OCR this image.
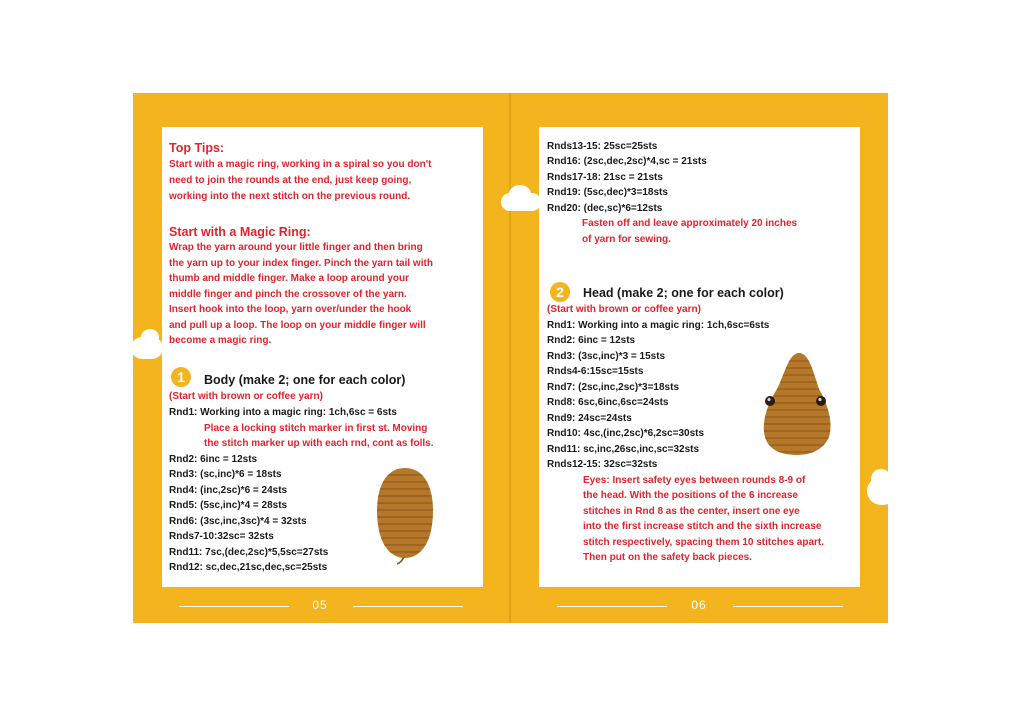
Top Tips:
Start with a magic ring, working in a spiral so you don't
need to join the rounds at the end, just keep going,
working into the next stitch on the previous round.
Start with a Magic Ring:
Wrap the yarn around your little finger and then bring
the yarn up to your index finger. Pinch the yarn tail with
thumb and middle finger. Make a loop around your
middle finger and pinch the crossover of the yarn.
Insert hook into the loop, yarn over/under the hook
and pull up a loop. The loop on your middle finger will
become a magic ring.
1	Body (make 2; one for each color)
(Start with brown or coffee yarn)
Rnd1: Working into a magic ring: 1ch,6sc = 6sts
Place a locking stitch marker in first st. Moving
the stitch marker up with each rnd, cont as folls.
Rnd2: 6inc = 12sts
Rnd3: (sc,inc)*6 = 18sts
Rnd4: (inc,2sc)*6 = 24sts
Rnd5: (5sc,inc)*4 = 28sts
Rnd6: (3sc,inc,3sc)*4 = 32sts
Rnds7-10:32sc= 32sts
Rnd11: 7sc,(dec,2sc)*5,5sc=27sts
Rnd12: sc,dec,21sc,dec,sc=25sts
05
Rnds13-15: 25sc=25sts
Rnd16: (2sc,dec,2sc)*4,sc = 21sts
Rnds17-18: 21sc = 21sts
Rnd19: (5sc,dec)*3=18sts
Rnd20: (dec,sc)*6=12sts
Fasten off and leave approximately 20 inches
of yarn for sewing.
2	Head (make 2; one for each color)
(Start with brown or coffee yarn)
Rnd1: Working into a magic ring: 1ch,6sc=6sts
Rnd2: 6inc = 12sts
Rnd3: (3sc,inc)*3 = 15sts
Rnds4-6:15sc=15sts
Rnd7: (2sc,inc,2sc)*3=18sts
Rnd8: 6sc,6inc,6sc=24sts
Rnd9: 24sc=24sts
Rnd10: 4sc,(inc,2sc)*6,2sc=30sts
Rnd11: sc,inc,26sc,inc,sc=32sts
Rnds12-15: 32sc=32sts
Eyes: Insert safety eyes between rounds 8-9 of
the head. With the positions of the 6 increase
stitches in Rnd 8 as the center, insert one eye
into the first increase stitch and the sixth increase
stitch respectively, spacing them 10 stitches apart.
Then put on the safety back pieces.
06
